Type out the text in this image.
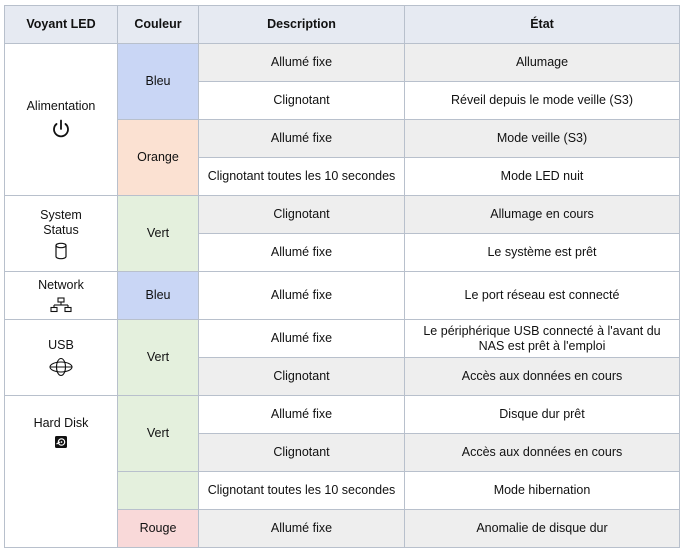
Voyant LED	Couleur	Description	État
Alimentation	Bleu	Allumé fixe	Allumage
		Clignotant	Réveil depuis le mode veille (S3)
	Orange	Allumé fixe	Mode veille (S3)
		Clignotant toutes les 10 secondes	Mode LED nuit

System Status	Vert	Clignotant	Allumage en cours
		Allumé fixe	Le système est prêt
Network	Bleu	Allumé fixe	Le port réseau est connecté
USB	Vert	Allumé fixe	Le périphérique USB connecté à l'avant du NAS est prêt à l'emploi
		Clignotant	Accès aux données en cours
Hard Disk	Vert	Allumé fixe	Disque dur prêt
		Clignotant	Accès aux données en cours
		Clignotant toutes les 10 secondes	Mode hibernation
	Rouge	Allumé fixe	Anomalie de disque dur
